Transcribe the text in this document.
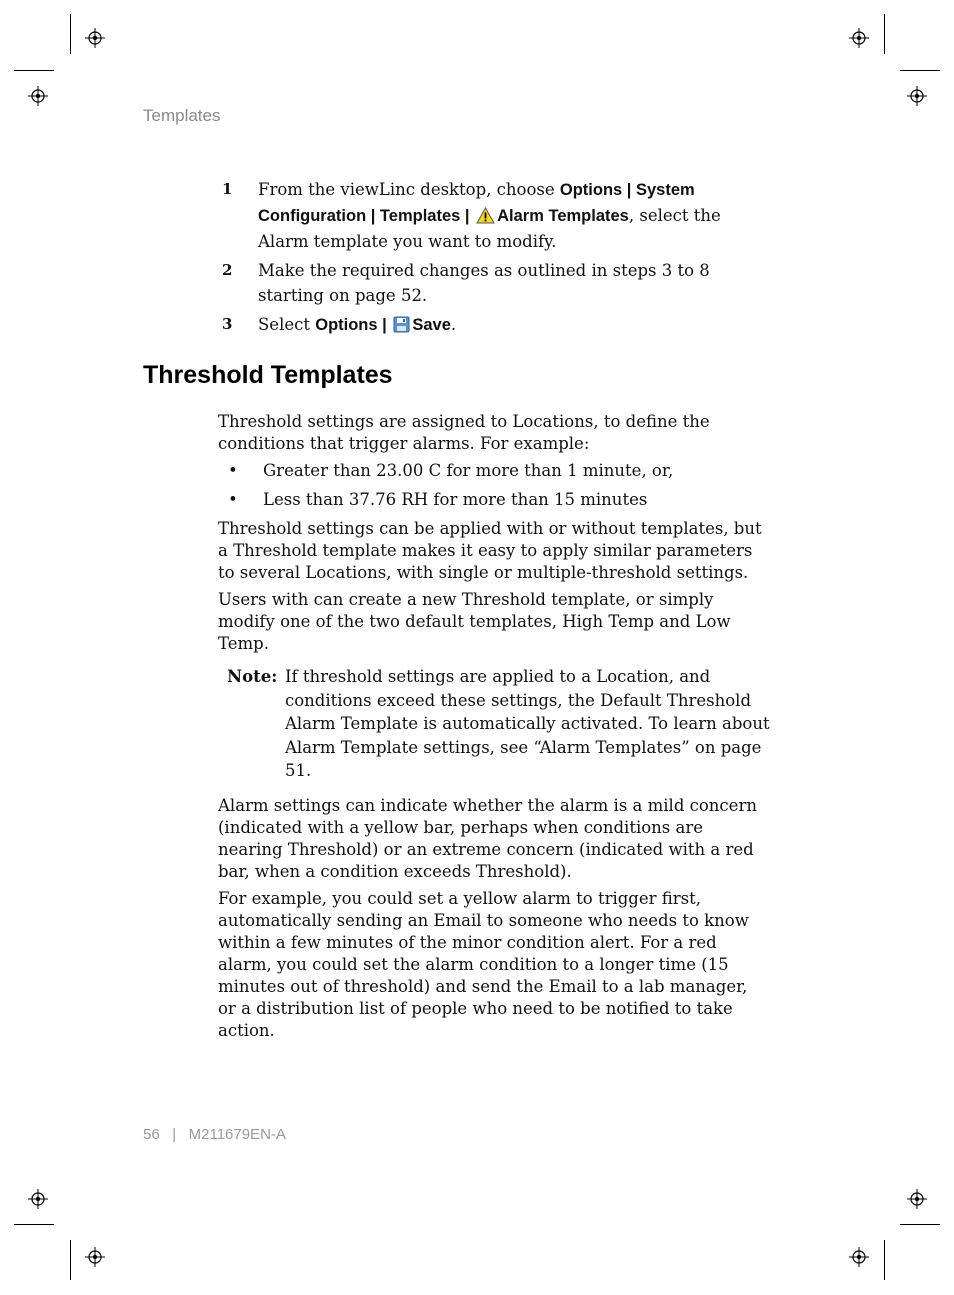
Templates
1	From the viewLinc desktop, choose Options | System Configuration | Templates | Alarm Templates, select the Alarm template you want to modify.
2	Make the required changes as outlined in steps 3 to 8 starting on page 52.
3	Select Options | Save.
Threshold Templates

Threshold settings are assigned to Locations, to define the conditions that trigger alarms. For example:

•	Greater than 23.00 C for more than 1 minute, or,
•	Less than 37.76 RH for more than 15 minutes

Threshold settings can be applied with or without templates, but a Threshold template makes it easy to apply similar parameters to several Locations, with single or multiple-threshold settings.

Users with can create a new Threshold template, or simply modify one of the two default templates, High Temp and Low Temp.

Note: If threshold settings are applied to a Location, and conditions exceed these settings, the Default Threshold Alarm Template is automatically activated. To learn about Alarm Template settings, see “Alarm Templates” on page 51.

Alarm settings can indicate whether the alarm is a mild concern (indicated with a yellow bar, perhaps when conditions are nearing Threshold) or an extreme concern (indicated with a red bar, when a condition exceeds Threshold).

For example, you could set a yellow alarm to trigger first, automatically sending an Email to someone who needs to know within a few minutes of the minor condition alert. For a red alarm, you could set the alarm condition to a longer time (15 minutes out of threshold) and send the Email to a lab manager, or a distribution list of people who need to be notified to take action.

56 | M211679EN-A
